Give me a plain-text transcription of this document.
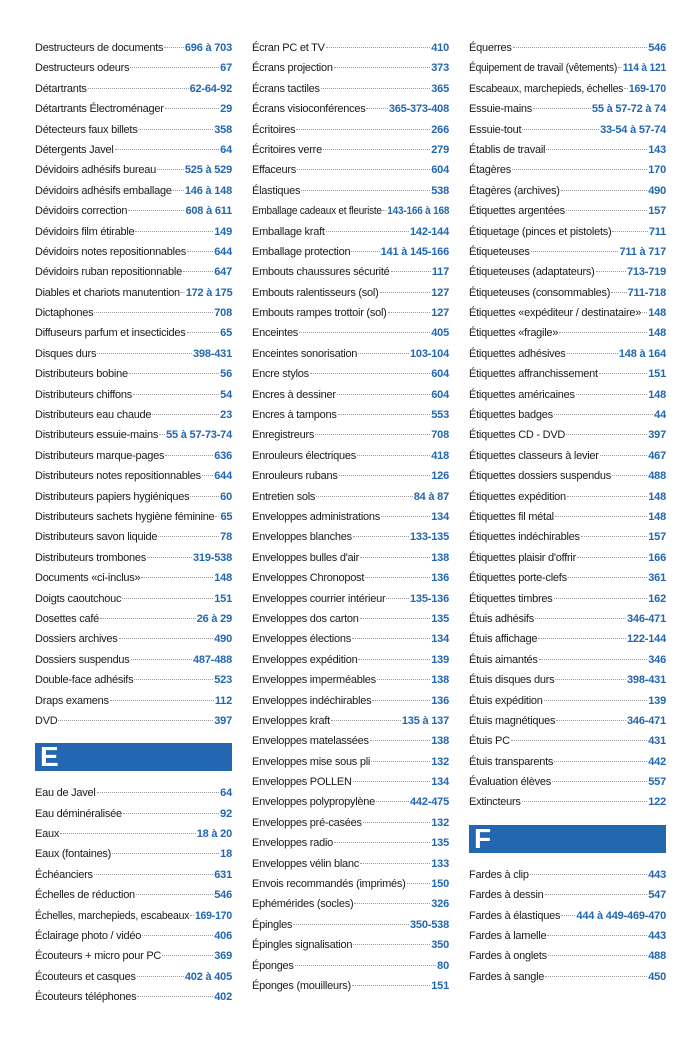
Destructeurs de documents 696 à 703
Destructeurs odeurs	67
Détartrants	62-64-92
Détartrants Électroménager	29
Détecteurs faux billets	358
Détergents Javel	64
Dévidoirs adhésifs bureau	525 à 529
Dévidoirs adhésifs emballage 146 à 148
Dévidoirs correction	608 à 611
Dévidoirs film étirable	149
Dévidoirs notes repositionnables	644
Dévidoirs ruban repositionnable	647
Diables et chariots manutention 172 à 175
Dictaphones	708
Diffuseurs parfum et insecticides	65
Disques durs	398-431
Distributeurs bobine	56
Distributeurs chiffons	54
Distributeurs eau chaude	23
Distributeurs essuie-mains 55 à 57-73-74
Distributeurs marque-pages	636
Distributeurs notes repositionnables 644
Distributeurs papiers hygiéniques	60
Distributeurs sachets hygiène féminine 65
Distributeurs savon liquide	78
Distributeurs trombones	319-538
Documents «ci-inclus»	148
Doigts caoutchouc	151
Dosettes café	26 à 29
Dossiers archives	490
Dossiers suspendus	487-488
Double-face adhésifs	523
Draps examens	112
DVD	397
E
Eau de Javel	64
Eau déminéralisée	92
Eaux	18 à 20
Eaux (fontaines)	18
Échéanciers	631
Échelles de réduction	546
Échelles, marchepieds, escabeaux 169-170
Éclairage photo / vidéo	406
Écouteurs + micro pour PC	369
Écouteurs et casques	402 à 405
Écouteurs téléphones	402
Écran PC et TV	410
Écrans projection	373
Écrans tactiles	365
Écrans visioconférences 365-373-408
Écritoires	266
Écritoires verre	279
Effaceurs	604
Élastiques	538
Emballage cadeaux et fleuriste 143-166 à 168
Emballage kraft	142-144
Emballage protection	141 à 145-166
Embouts chaussures sécurité	117
Embouts ralentisseurs (sol)	127
Embouts rampes trottoir (sol)	127
Enceintes	405
Enceintes sonorisation	103-104
Encre stylos	604
Encres à dessiner	604
Encres à tampons	553
Enregistreurs	708
Enrouleurs électriques	418
Enrouleurs rubans	126
Entretien sols	84 à 87
Enveloppes administrations	134
Enveloppes blanches	133-135
Enveloppes bulles d'air	138
Enveloppes Chronopost	136
Enveloppes courrier intérieur 135-136
Enveloppes dos carton	135
Enveloppes élections	134
Enveloppes expédition	139
Enveloppes imperméables	138
Enveloppes indéchirables	136
Enveloppes kraft	135 à 137
Enveloppes matelassées	138
Enveloppes mise sous pli	132
Enveloppes POLLEN	134
Enveloppes polypropylène	442-475
Enveloppes pré-casées	132
Enveloppes radio	135
Enveloppes vélin blanc	133
Envois recommandés (imprimés) 150
Ephémérides (socles)	326
Épingles	350-538
Épingles signalisation	350
Éponges	80
Éponges (mouilleurs)	151
Équerres	546
Équipement de travail (vêtements) 114 à 121
Escabeaux, marchepieds, échelles 169-170
Essuie-mains	55 à 57-72 à 74
Essuie-tout	33-54 à 57-74
Établis de travail	143
Étagères	170
Étagères (archives)	490
Étiquettes argentées	157
Étiquetage (pinces et pistolets)	711
Étiqueteuses	711 à 717
Étiqueteuses (adaptateurs)	713-719
Étiqueteuses (consommables) 711-718
Étiquettes «expéditeur / destinataire» 148
Étiquettes «fragile»	148
Étiquettes adhésives	148 à 164
Étiquettes affranchissement	151
Étiquettes américaines	148
Étiquettes badges	44
Étiquettes CD - DVD	397
Étiquettes classeurs à levier	467
Étiquettes dossiers suspendus	488
Étiquettes expédition	148
Étiquettes fil métal	148
Étiquettes indéchirables	157
Étiquettes plaisir d'offrir	166
Étiquettes porte-clefs	361
Étiquettes timbres	162
Étuis adhésifs	346-471
Étuis affichage	122-144
Étuis aimantés	346
Étuis disques durs	398-431
Étuis expédition	139
Étuis magnétiques	346-471
Étuis PC	431
Étuis transparents	442
Évaluation élèves	557
Extincteurs	122
F
Fardes à clip	443
Fardes à dessin	547
Fardes à élastiques 444 à 449-469-470
Fardes à lamelle	443
Fardes à onglets	488
Fardes à sangle	450
